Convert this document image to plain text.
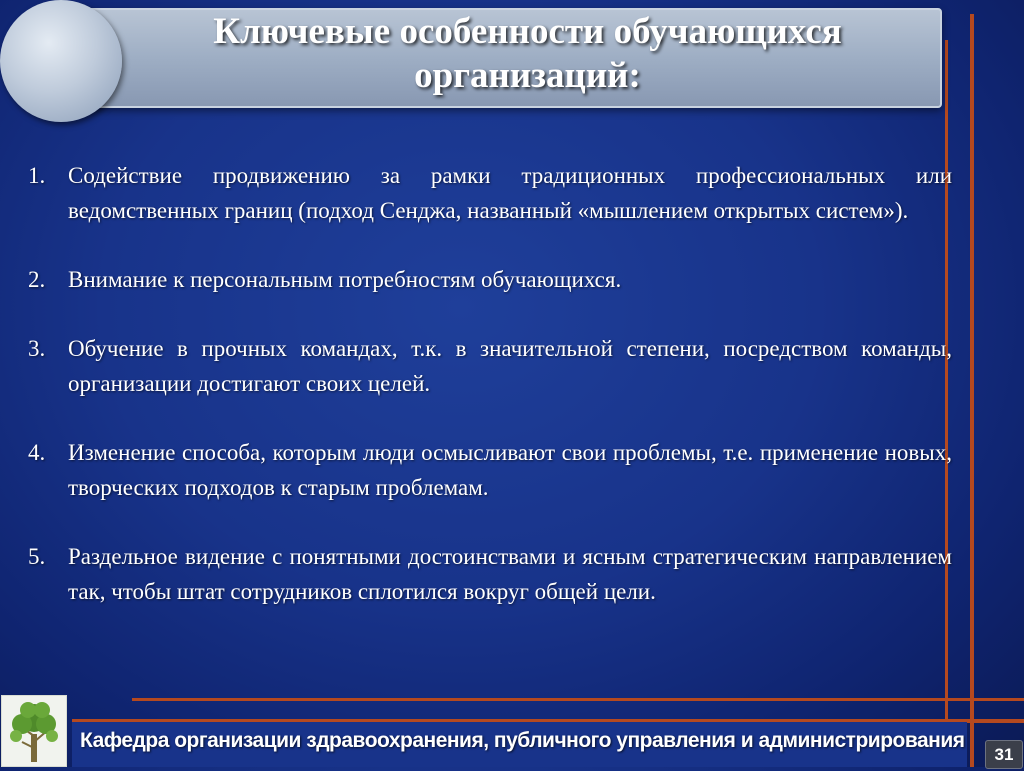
Ключевые особенности обучающихся
организаций:
1. Содействие продвижению за рамки традиционных профессиональных или ведомственных границ (подход Сенджа, названный «мышлением открытых систем»).
2. Внимание к персональным потребностям обучающихся.
3. Обучение в прочных командах, т.к. в значительной степени, посредством команды, организации достигают своих целей.
4. Изменение способа, которым люди осмысливают свои проблемы, т.е. применение новых, творческих подходов к старым проблемам.
5. Раздельное видение с понятными достоинствами и ясным стратегическим направлением так, чтобы штат сотрудников сплотился вокруг общей цели.
Кафедра организации здравоохранения, публичного управления и администрирования
31
